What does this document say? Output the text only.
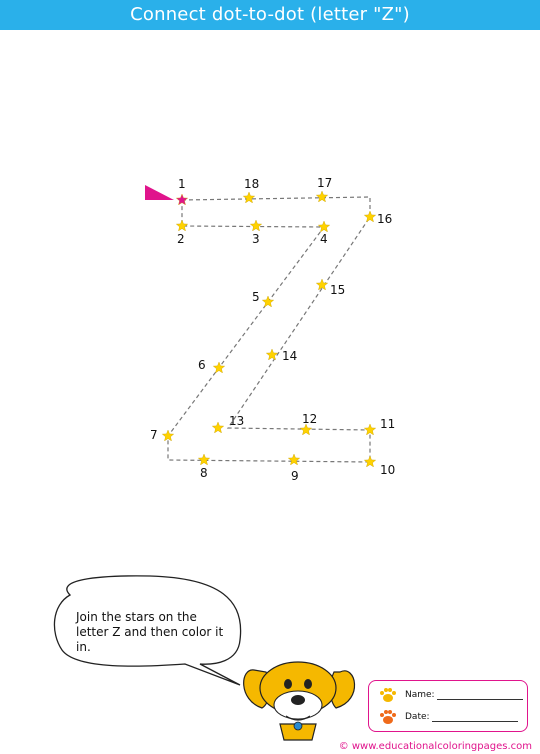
Connect dot-to-dot (letter "Z")
Join the stars on the letter Z and then color it in.
Name:
Date:
© www.educationalcoloringpages.com
1
2	3	4
5
6
7
8	9	10
11
12
13
14
15
16
17
18
